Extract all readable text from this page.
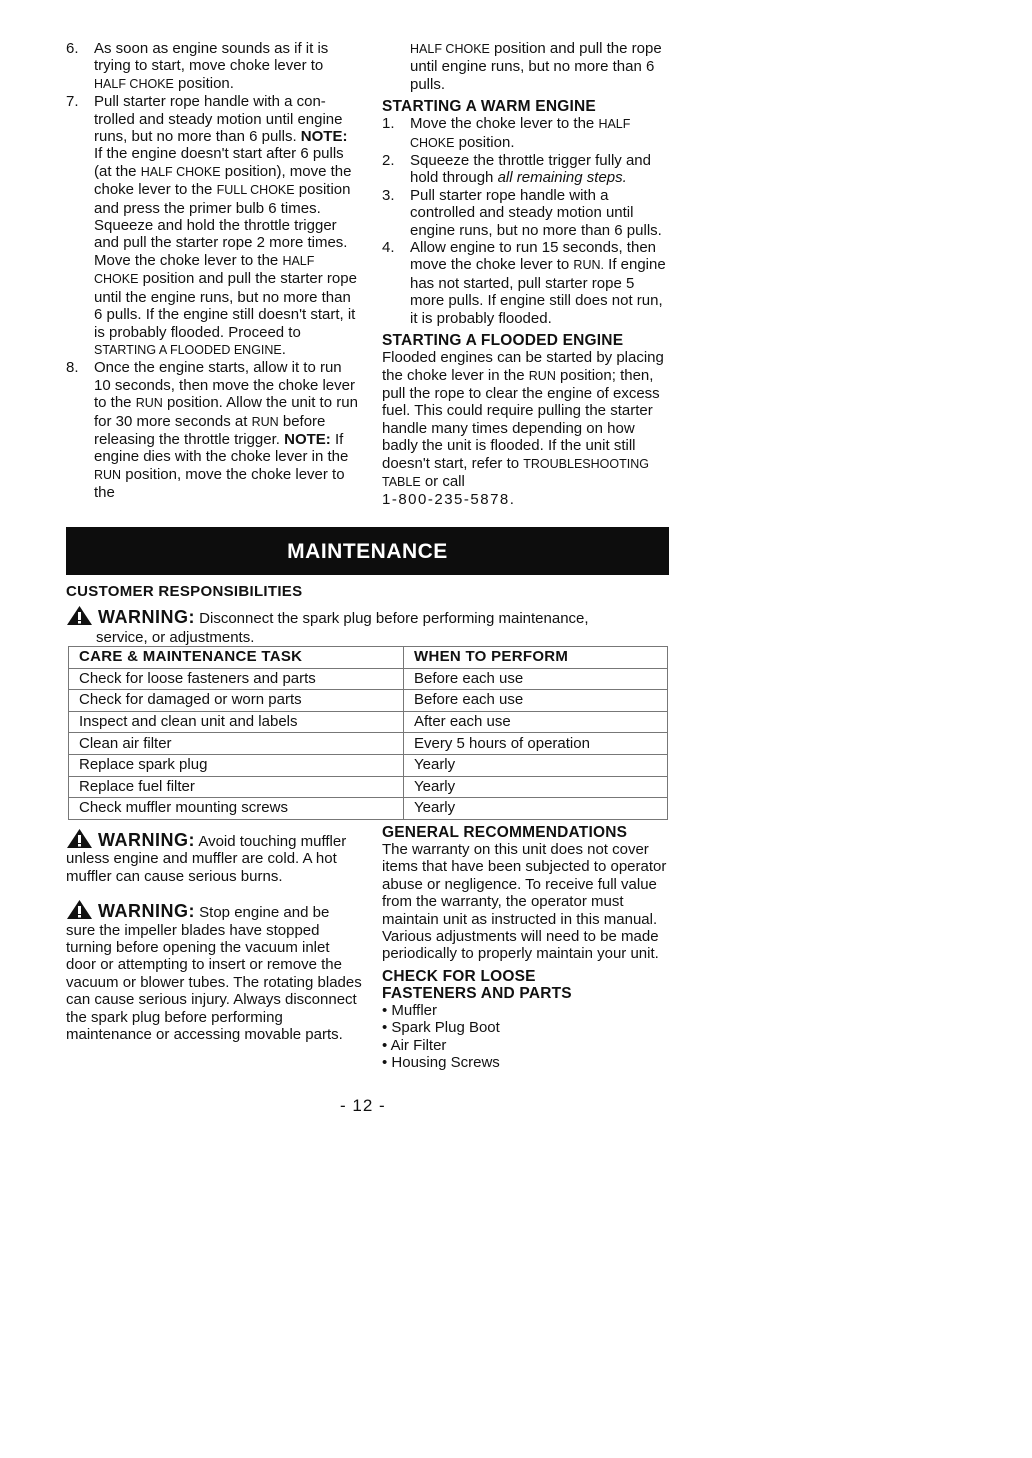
6. As soon as engine sounds as if it is trying to start, move choke lever to HALF CHOKE position.
7. Pull starter rope handle with a controlled and steady motion until engine runs, but no more than 6 pulls. NOTE: If the engine doesn't start after 6 pulls (at the HALF CHOKE position), move the choke lever to the FULL CHOKE position and press the primer bulb 6 times. Squeeze and hold the throttle trigger and pull the starter rope 2 more times. Move the choke lever to the HALF CHOKE position and pull the starter rope until the engine runs, but no more than 6 pulls. If the engine still doesn't start, it is probably flooded. Proceed to STARTING A FLOODED ENGINE.
8. Once the engine starts, allow it to run 10 seconds, then move the choke lever to the RUN position. Allow the unit to run for 30 more seconds at RUN before releasing the throttle trigger. NOTE: If engine dies with the choke lever in the RUN position, move the choke lever to the

HALF CHOKE position and pull the rope until engine runs, but no more than 6 pulls.

STARTING A WARM ENGINE
1. Move the choke lever to the HALF CHOKE position.
2. Squeeze the throttle trigger fully and hold through all remaining steps.
3. Pull starter rope handle with a controlled and steady motion until engine runs, but no more than 6 pulls.
4. Allow engine to run 15 seconds, then move the choke lever to RUN. If engine has not started, pull starter rope 5 more pulls. If engine still does not run, it is probably flooded.
STARTING A FLOODED ENGINE

Flooded engines can be started by placing the choke lever in the RUN position; then, pull the rope to clear the engine of excess fuel. This could require pulling the starter handle many times depending on how badly the unit is flooded. If the unit still doesn't start, refer to TROUBLESHOOTING TABLE or call
1-800-235-5878.

MAINTENANCE
CUSTOMER RESPONSIBILITIES
WARNING: Disconnect the spark plug before performing maintenance,
service, or adjustments.
CARE & MAINTENANCE TASK	WHEN TO PERFORM
Check for loose fasteners and parts	Before each use
Check for damaged or worn parts	Before each use
Inspect and clean unit and labels	After each use
Clean air filter	Every 5 hours of operation
Replace spark plug	Yearly
Replace fuel filter	Yearly
Check muffler mounting screws	Yearly

WARNING: Avoid touching muffler unless engine and muffler are cold. A hot muffler can cause serious burns.

WARNING: Stop engine and be sure the impeller blades have stopped turning before opening the vacuum inlet door or attempting to insert or remove the vacuum or blower tubes. The rotating blades can cause serious injury. Always disconnect the spark plug before performing maintenance or accessing movable parts.

GENERAL RECOMMENDATIONS

The warranty on this unit does not cover items that have been subjected to operator abuse or negligence. To receive full value from the warranty, the operator must maintain unit as instructed in this manual. Various adjustments will need to be made periodically to properly maintain your unit.

CHECK FOR LOOSE
FASTENERS AND PARTS
• Muffler
• Spark Plug Boot
• Air Filter
• Housing Screws
- 12 -
